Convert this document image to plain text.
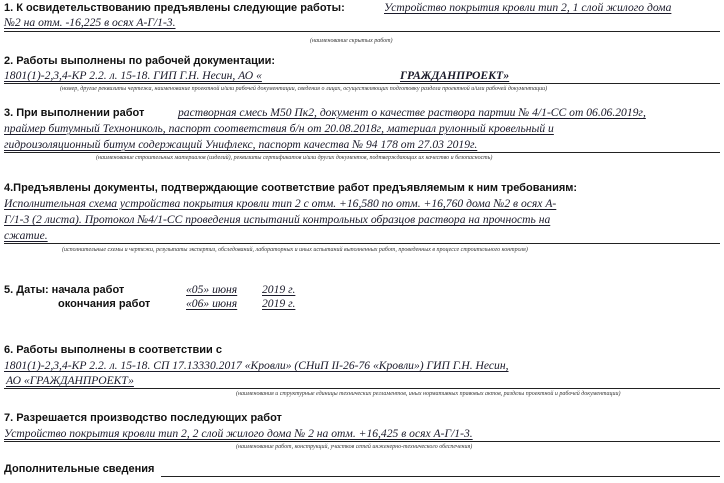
1. К освидетельствованию предъявлены следующие работы:	Устройство покрытия кровли тип 2, 1 слой жилого дома
№2 на отм. -16,225 в осях А-Г/1-3.
(наименование скрытых работ)
2. Работы выполнены по рабочей документации:
1801(1)-2,3,4-КР 2.2. л. 15-18. ГИП Г.Н. Несин, АО «	ГРАЖДАНПРОЕКТ»
(номер, другие реквизиты чертежа, наименование проектной и/или рабочей документации, сведения о лицах, осуществляющих подготовку раздела проектной и/или рабочей документации)
3. При выполнении работ	растворная смесь М50 Пк2, документ о качестве раствора партии № 4/1-СС от 06.06.2019г,
праймер битумный Технониколь, паспорт соответствия б/н от 20.08.2018г, материал рулонный кровельный и
гидроизоляционный битум содержащий Унифлекс, паспорт качества № 94 178 от 27.03 2019г.
(наименование строительных материалов (изделий), реквизиты сертификатов и/или других документов, подтверждающих их качество и безопасность)
4.Предъявлены документы, подтверждающие соответствие работ предъявляемым к ним требованиям:
Исполнительная схема устройства покрытия кровли тип 2 с отм. +16,580 по отм. +16,760 дома №2 в осях А-
Г/1-3 (2 листа). Протокол №4/1-СС проведения испытаний контрольных образцов раствора на прочность на
сжатие.
(исполнительные схемы и чертежи, результаты экспертиз, обследований, лабораторных и иных испытаний выполненных работ, проведенных в процессе строительного контроля)
5. Даты: начала работ	«05» июня 2019 г.
окончания работ	«06» июня 2019 г.
6. Работы выполнены в соответствии с
1801(1)-2,3,4-КР 2.2. л. 15-18. СП 17.13330.2017 «Кровли» (СНиП II-26-76 «Кровли») ГИП Г.Н. Несин,
АО «ГРАЖДАНПРОЕКТ»
(наименования и структурные единицы технических регламентов, иных нормативных правовых актов, разделы проектной и рабочей документации)
7. Разрешается производство последующих работ
Устройство покрытия кровли тип 2, 2 слой жилого дома № 2 на отм. +16,425 в осях А-Г/1-3.
(наименование работ, конструкций, участков сетей инженерно-технического обеспечения)
Дополнительные сведения
